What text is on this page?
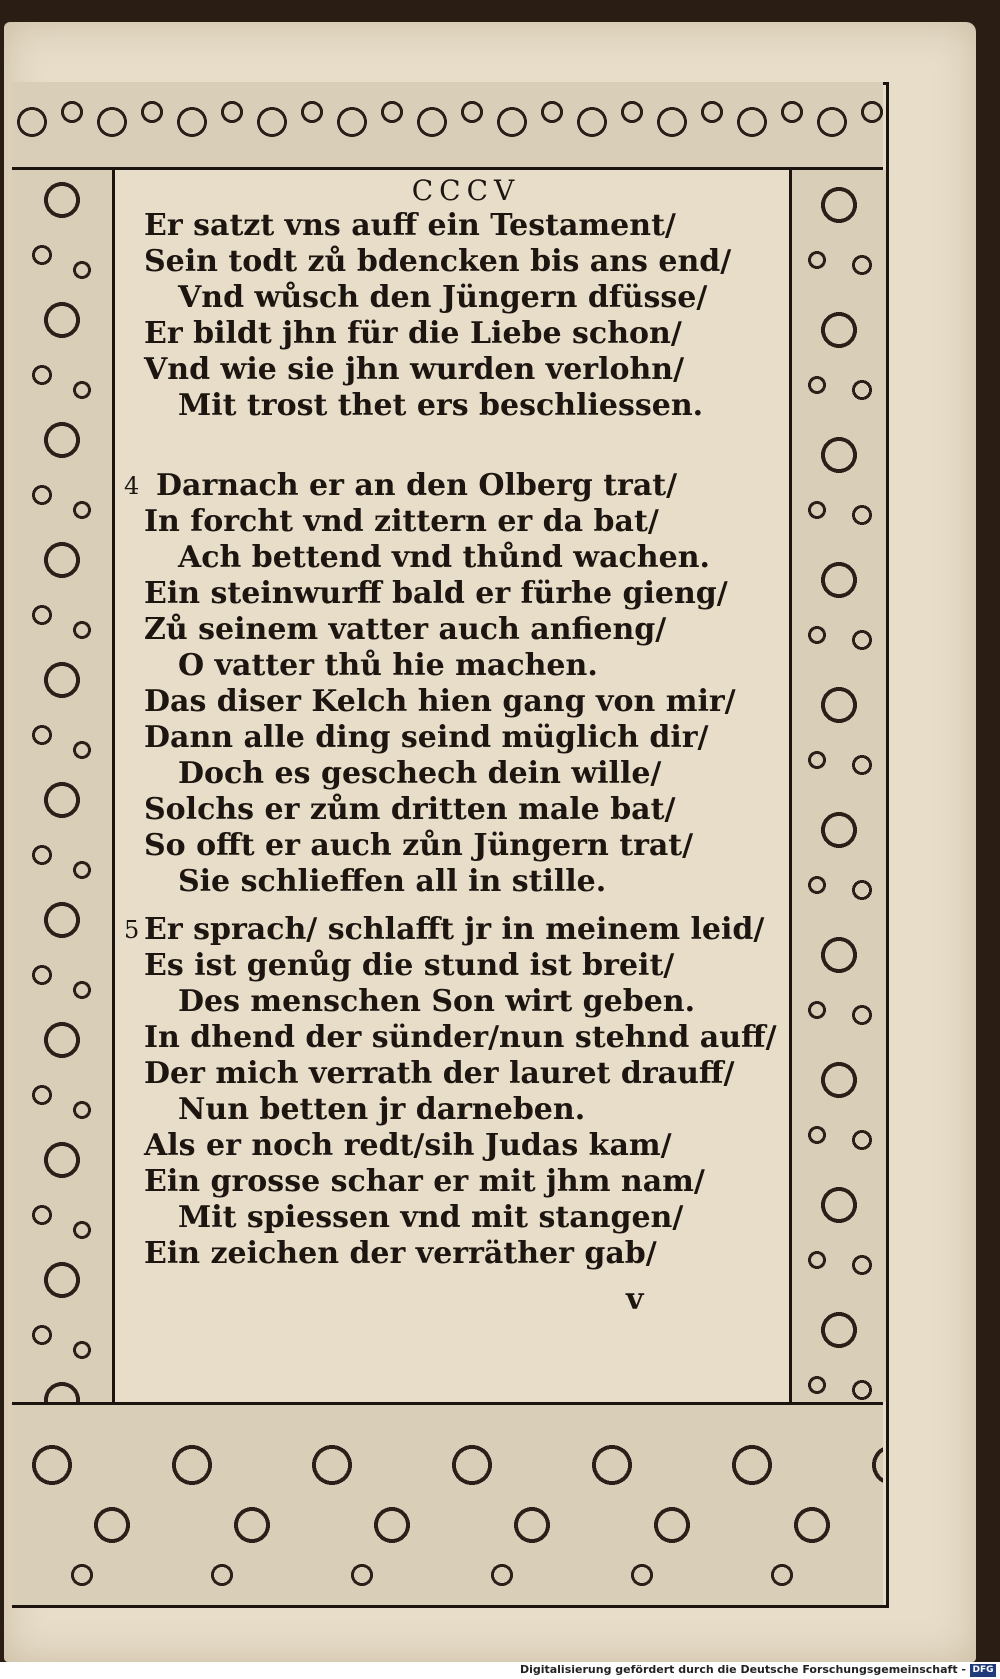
CCCV
Er satzt vns auff ein Testament/
Sein todt zů bdencken bis ans end/
Vnd wůsch den Jüngern dfüsse/
Er bildt jhn für die Liebe schon/
Vnd wie sie jhn wurden verlohn/
Mit trost thet ers beschliessen.
4 Darnach er an den Olberg trat/
In forcht vnd zittern er da bat/
Ach bettend vnd thůnd wachen.
Ein steinwurff bald er fürhe gieng/
Zů seinem vatter auch anfieng/
O vatter thů hie machen.
Das diser Kelch hien gang von mir/
Dann alle ding seind müglich dir/
Doch es geschech dein wille/
Solchs er zům dritten male bat/
So offt er auch zůn Jüngern trat/
Sie schlieffen all in stille.
5 Er sprach/ schlafft jr in meinem leid/
Es ist genůg die stund ist breit/
Des menschen Son wirt geben.
In dhend der sünder/nun stehnd auff/
Der mich verrath der lauret drauff/
Nun betten jr darneben.
Als er noch redt/sih Judas kam/
Ein grosse schar er mit jhm nam/
Mit spiessen vnd mit stangen/
Ein zeichen der verräther gab/
v
Digitalisierung gefördert durch die Deutsche Forschungsgemeinschaft - DFG
